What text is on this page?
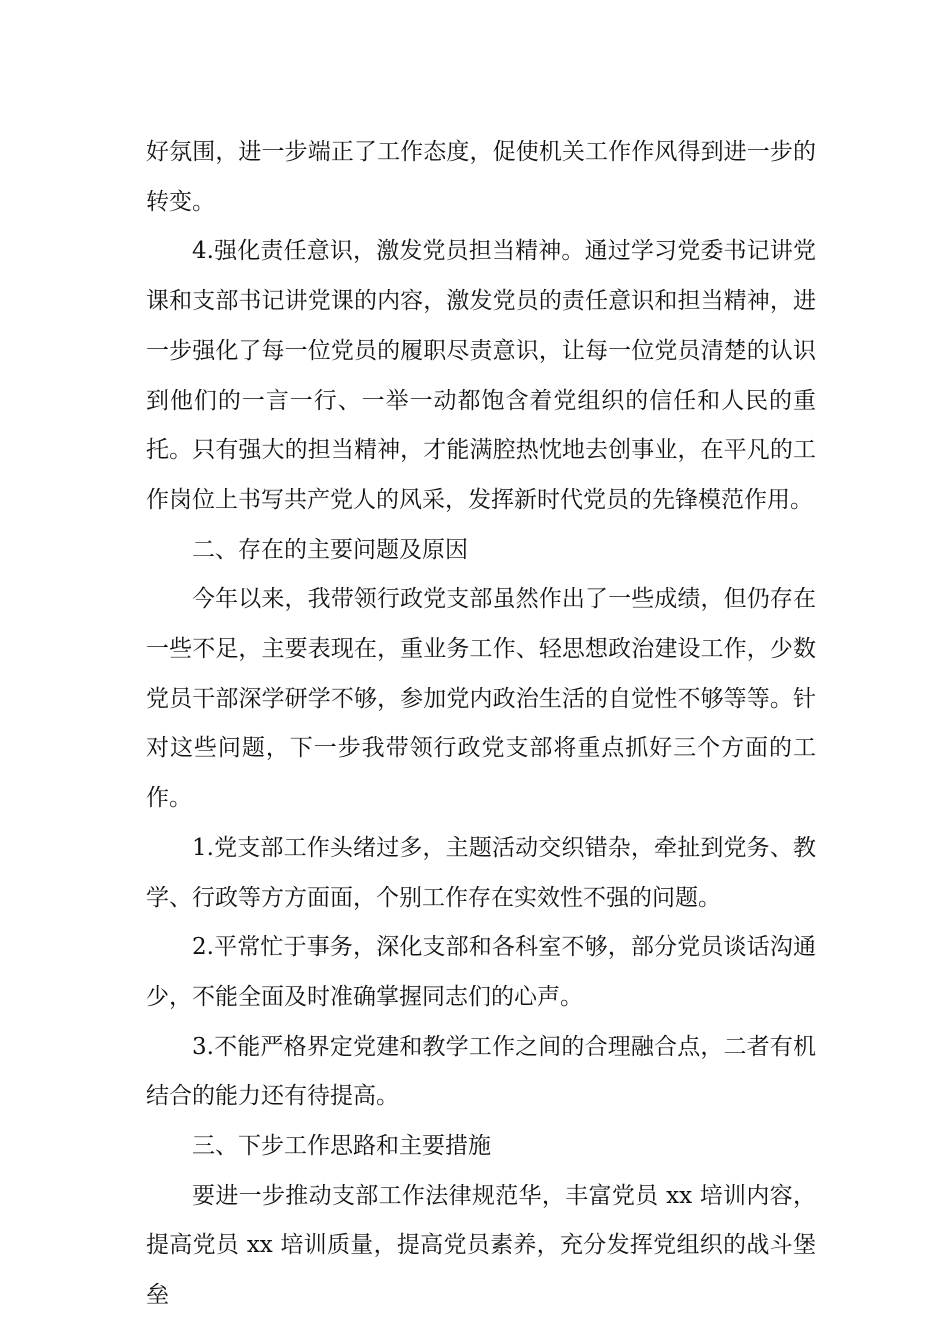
好氛围，进一步端正了工作态度，促使机关工作作风得到进一步的转变。

4.强化责任意识，激发党员担当精神。通过学习党委书记讲党课和支部书记讲党课的内容，激发党员的责任意识和担当精神，进一步强化了每一位党员的履职尽责意识，让每一位党员清楚的认识到他们的一言一行、一举一动都饱含着党组织的信任和人民的重托。只有强大的担当精神，才能满腔热忱地去创事业，在平凡的工作岗位上书写共产党人的风采，发挥新时代党员的先锋模范作用。

二、存在的主要问题及原因

今年以来，我带领行政党支部虽然作出了一些成绩，但仍存在一些不足，主要表现在，重业务工作、轻思想政治建设工作，少数党员干部深学研学不够，参加党内政治生活的自觉性不够等等。针对这些问题，下一步我带领行政党支部将重点抓好三个方面的工作。

1.党支部工作头绪过多，主题活动交织错杂，牵扯到党务、教学、行政等方方面面，个别工作存在实效性不强的问题。

2.平常忙于事务，深化支部和各科室不够，部分党员谈话沟通少，不能全面及时准确掌握同志们的心声。

3.不能严格界定党建和教学工作之间的合理融合点，二者有机结合的能力还有待提高。

三、下步工作思路和主要措施

要进一步推动支部工作法律规范华，丰富党员 xx 培训内容，提高党员 xx 培训质量，提高党员素养，充分发挥党组织的战斗堡垒
